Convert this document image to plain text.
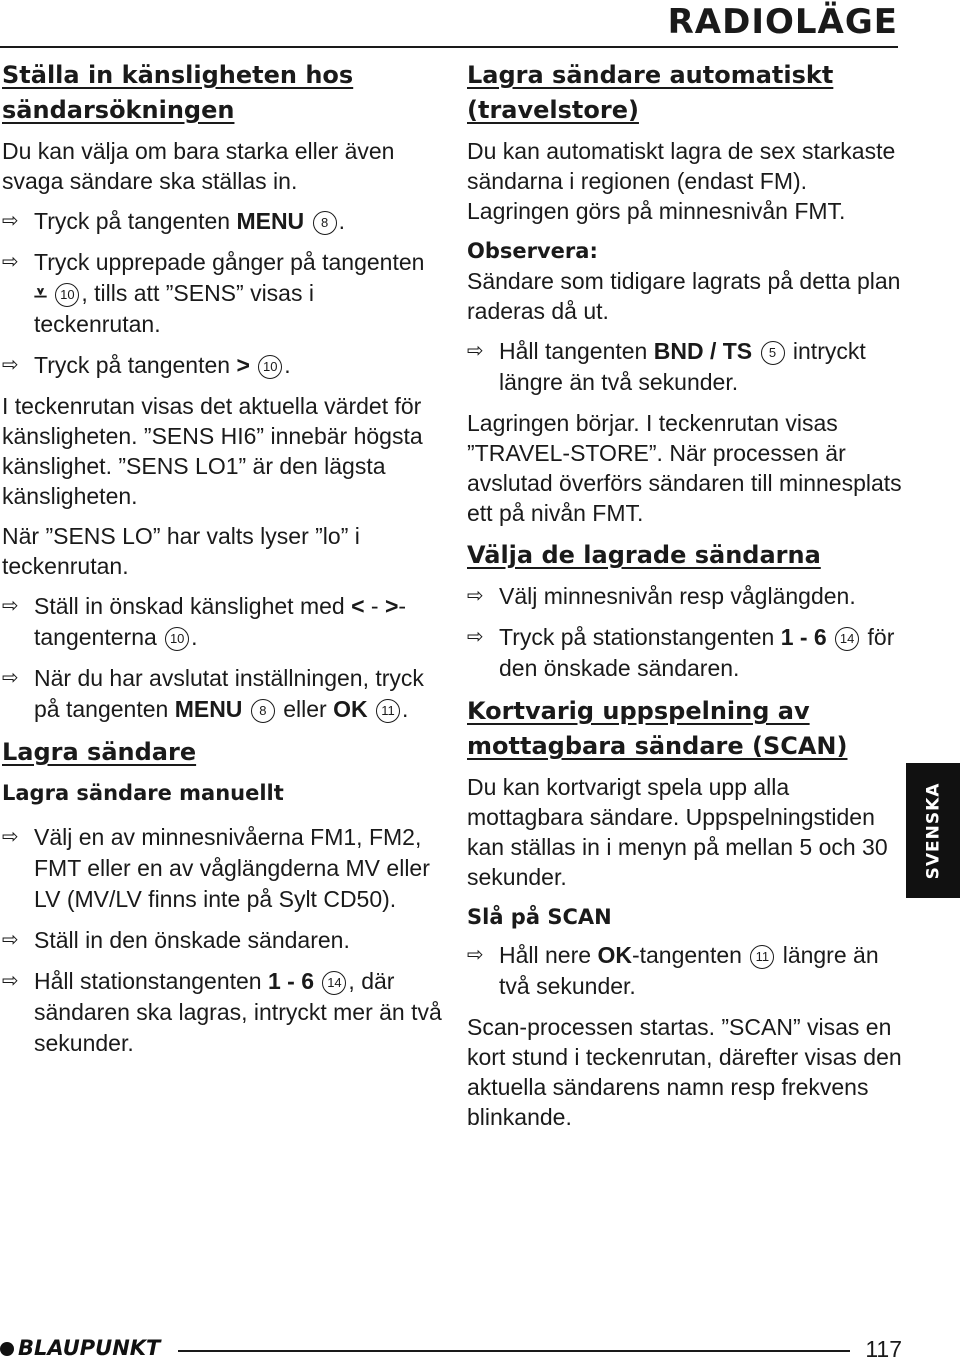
RADIOLÄGE
Ställa in känsligheten hos sändarsökningen
Du kan välja om bara starka eller även svaga sändare ska ställas in.
⇨ Tryck på tangenten MENU 8 .
⇨ Tryck upprepade gånger på tangenten ⩡ 10 , tills att ”SENS” visas i teckenrutan.
⇨ Tryck på tangenten > 10 .
I teckenrutan visas det aktuella värdet för känsligheten. ”SENS HI6” innebär högsta känslighet. ”SENS LO1” är den lägsta känsligheten.
När ”SENS LO” har valts lyser ”lo” i teckenrutan.
⇨ Ställ in önskad känslighet med < - >-tangenterna 10 .
⇨ När du har avslutat inställningen, tryck på tangenten MENU 8 eller OK 11 .
Lagra sändare
Lagra sändare manuellt
⇨ Välj en av minnesnivåerna FM1, FM2, FMT eller en av våglängderna MV eller LV (MV/LV finns inte på Sylt CD50).
⇨ Ställ in den önskade sändaren.
⇨ Håll stationstangenten 1 - 6 14 , där sändaren ska lagras, intryckt mer än två sekunder.
Lagra sändare automatiskt (travelstore)
Du kan automatiskt lagra de sex starkaste sändarna i regionen (endast FM). Lagringen görs på minnesnivån FMT.
Observera:
Sändare som tidigare lagrats på detta plan raderas då ut.
⇨ Håll tangenten BND / TS 5 intryckt längre än två sekunder.
Lagringen börjar. I teckenrutan visas ”TRAVEL-STORE”. När processen är avslutad överförs sändaren till minnesplats ett på nivån FMT.
Välja de lagrade sändarna
⇨ Välj minnesnivån resp våglängden.
⇨ Tryck på stationstangenten 1 - 6 14 för den önskade sändaren.
Kortvarig uppspelning av mottagbara sändare (SCAN)
Du kan kortvarigt spela upp alla mottagbara sändare. Uppspelningstiden kan ställas in i menyn på mellan 5 och 30 sekunder.
Slå på SCAN
⇨ Håll nere OK-tangenten 11 längre än två sekunder.
Scan-processen startas. ”SCAN” visas en kort stund i teckenrutan, därefter visas den aktuella sändarens namn resp frekvens blinkande.
SVENSKA
BLAUPUNKT	117
